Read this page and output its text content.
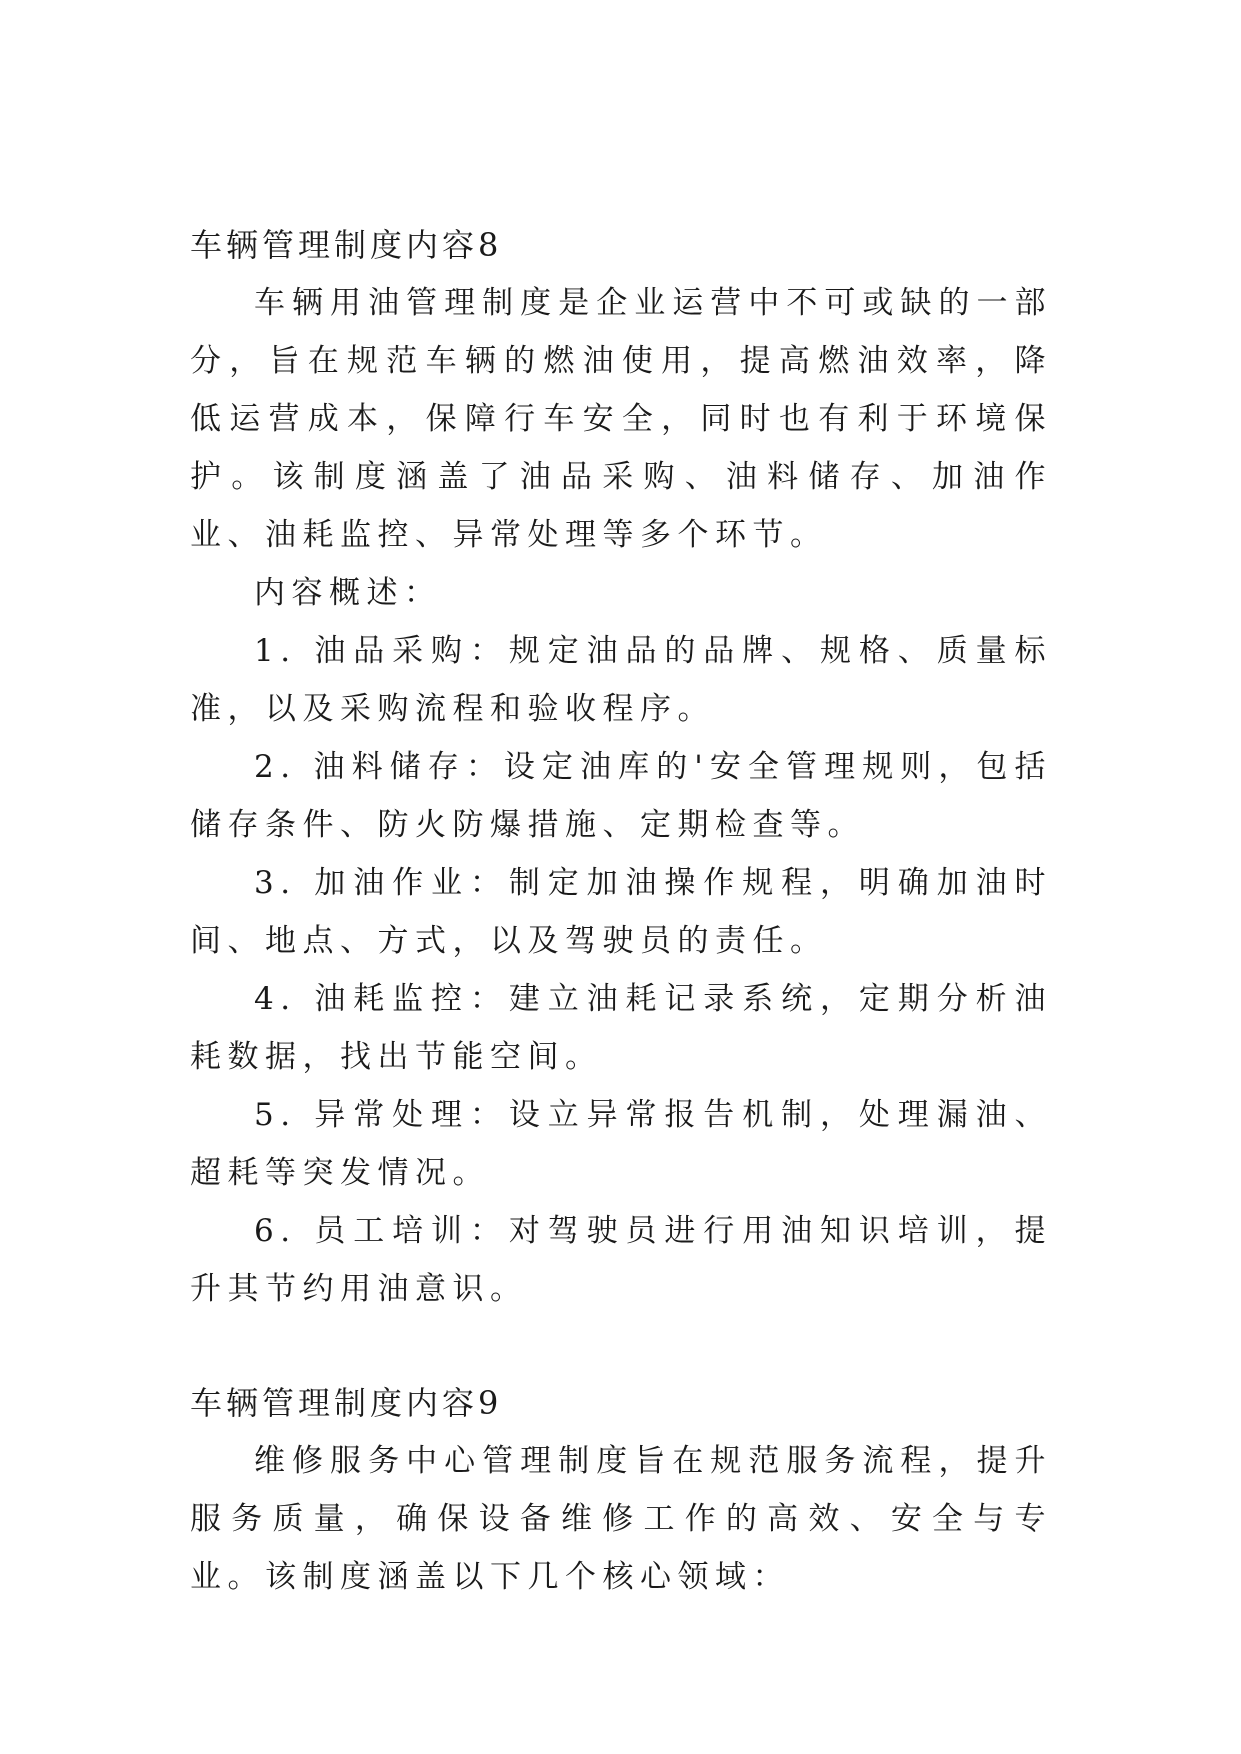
车辆管理制度内容8

车辆用油管理制度是企业运营中不可或缺的一部分，旨在规范车辆的燃油使用，提高燃油效率，降低运营成本，保障行车安全，同时也有利于环境保护。该制度涵盖了油品采购、油料储存、加油作业、油耗监控、异常处理等多个环节。

内容概述：

1. 油品采购：规定油品的品牌、规格、质量标准，以及采购流程和验收程序。

2. 油料储存：设定油库的'安全管理规则，包括储存条件、防火防爆措施、定期检查等。

3. 加油作业：制定加油操作规程，明确加油时间、地点、方式，以及驾驶员的责任。

4. 油耗监控：建立油耗记录系统，定期分析油耗数据，找出节能空间。

5. 异常处理：设立异常报告机制，处理漏油、超耗等突发情况。

6. 员工培训：对驾驶员进行用油知识培训，提升其节约用油意识。

车辆管理制度内容9

维修服务中心管理制度旨在规范服务流程，提升服务质量，确保设备维修工作的高效、安全与专业。该制度涵盖以下几个核心领域：
